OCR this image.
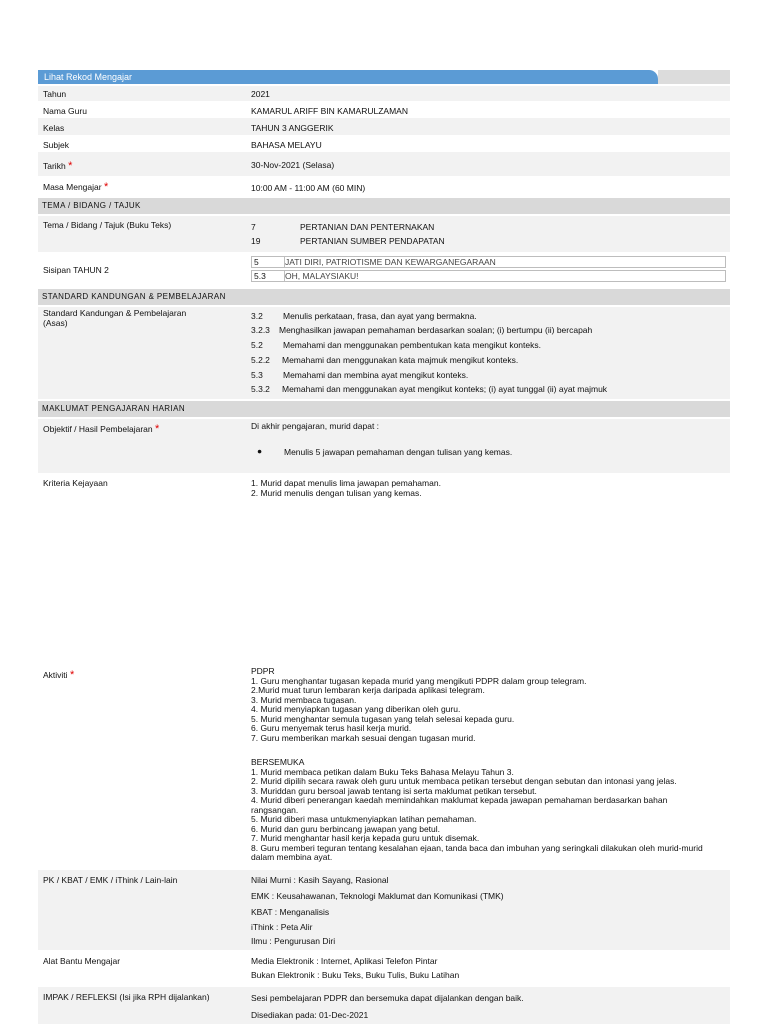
Lihat Rekod Mengajar
Tahun	2021
Nama Guru	KAMARUL ARIFF BIN KAMARULZAMAN
Kelas	TAHUN 3 ANGGERIK
Subjek	BAHASA MELAYU
Tarikh *	30-Nov-2021 (Selasa)
Masa Mengajar *	10:00 AM - 11:00 AM (60 MIN)
TEMA / BIDANG / TAJUK
Tema / Bidang / Tajuk (Buku Teks)	7	PERTANIAN DAN PENTERNAKAN
19	PERTANIAN SUMBER PENDAPATAN
Sisipan TAHUN 2
5	JATI DIRI, PATRIOTISME DAN KEWARGANEGARAAN
5.3	OH, MALAYSIAKU!
STANDARD KANDUNGAN & PEMBELAJARAN
Standard Kandungan & Pembelajaran
(Asas)
3.2 Menulis perkataan, frasa, dan ayat yang bermakna.
3.2.3 Menghasilkan jawapan pemahaman berdasarkan soalan; (i) bertumpu (ii) bercapah
5.2 Memahami dan menggunakan pembentukan kata mengikut konteks.
5.2.2 Memahami dan menggunakan kata majmuk mengikut konteks.
5.3 Memahami dan membina ayat mengikut konteks.
5.3.2 Memahami dan menggunakan ayat mengikut konteks; (i) ayat tunggal (ii) ayat majmuk
MAKLUMAT PENGAJARAN HARIAN
Objektif / Hasil Pembelajaran *	Di akhir pengajaran, murid dapat :
●	Menulis 5 jawapan pemahaman dengan tulisan yang kemas.
Kriteria Kejayaan	1. Murid dapat menulis lima jawapan pemahaman.
2. Murid menulis dengan tulisan yang kemas.
Aktiviti *	PDPR
1. Guru menghantar tugasan kepada murid yang mengikuti PDPR dalam group telegram.
2.Murid muat turun lembaran kerja daripada aplikasi telegram.
3. Murid membaca tugasan.
4. Murid menyiapkan tugasan yang diberikan oleh guru.
5. Murid menghantar semula tugasan yang telah selesai kepada guru.
6. Guru menyemak terus hasil kerja murid.
7. Guru memberikan markah sesuai dengan tugasan murid.
BERSEMUKA
1. Murid membaca petikan dalam Buku Teks Bahasa Melayu Tahun 3.
2. Murid dipilih secara rawak oleh guru untuk membaca petikan tersebut dengan sebutan dan intonasi yang jelas.
3. Muriddan guru bersoal jawab tentang isi serta maklumat petikan tersebut.
4. Murid diberi penerangan kaedah memindahkan maklumat kepada jawapan pemahaman berdasarkan bahan
rangsangan.
5. Murid diberi masa untukmenyiapkan latihan pemahaman.
6. Murid dan guru berbincang jawapan yang betul.
7. Murid menghantar hasil kerja kepada guru untuk disemak.
8. Guru memberi teguran tentang kesalahan ejaan, tanda baca dan imbuhan yang seringkali dilakukan oleh murid-murid
dalam membina ayat.
PK / KBAT / EMK / iThink / Lain-lain	Nilai Murni : Kasih Sayang, Rasional
EMK : Keusahawanan, Teknologi Maklumat dan Komunikasi (TMK)
KBAT : Menganalisis
iThink : Peta Alir
Ilmu : Pengurusan Diri
Alat Bantu Mengajar	Media Elektronik : Internet, Aplikasi Telefon Pintar
Bukan Elektronik : Buku Teks, Buku Tulis, Buku Latihan
IMPAK / REFLEKSI (Isi jika RPH dijalankan)	Sesi pembelajaran PDPR dan bersemuka dapat dijalankan dengan baik.
Disediakan pada: 01-Dec-2021
